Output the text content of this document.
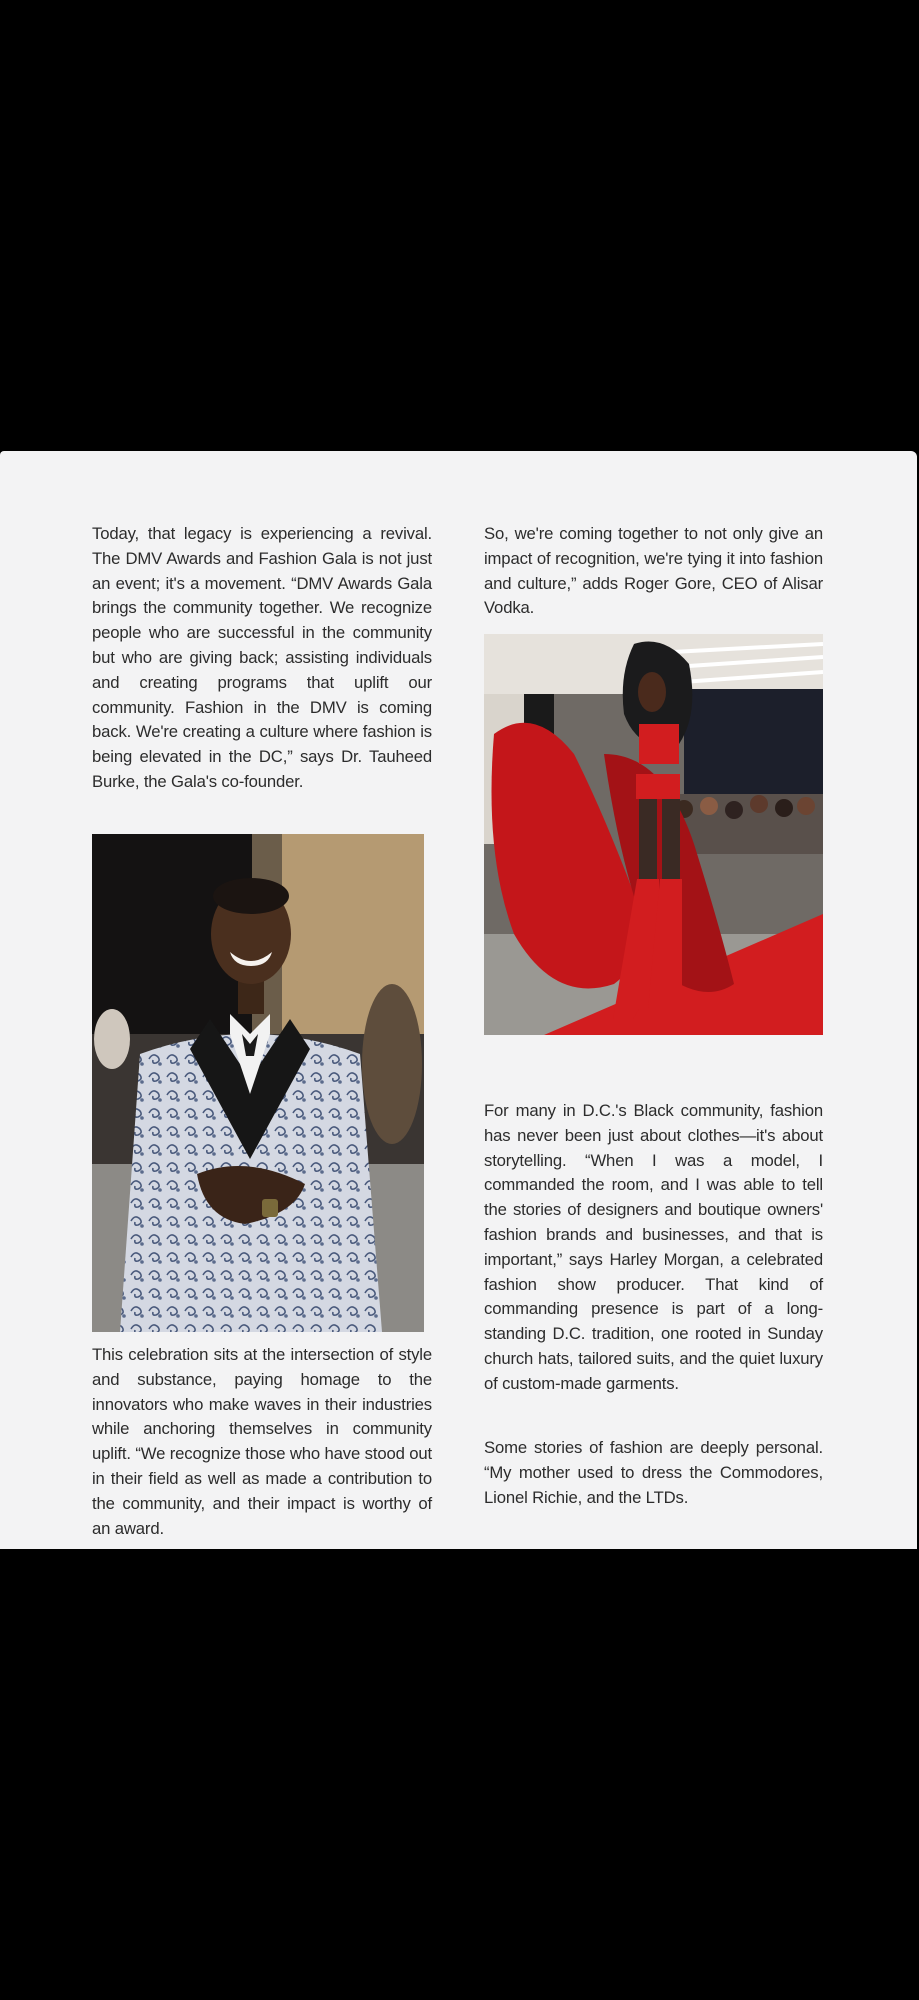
Today, that legacy is experiencing a revival. The DMV Awards and Fashion Gala is not just an event; it's a movement. “DMV Awards Gala brings the community together. We recognize people who are successful in the community but who are giving back; assisting individuals and creating programs that uplift our community. Fashion in the DMV is coming back. We're creating a culture where fashion is being elevated in the DC,” says Dr. Tauheed Burke, the Gala's co-founder.

This celebration sits at the intersection of style and substance, paying homage to the innovators who make waves in their industries while anchoring themselves in community uplift. “We recognize those who have stood out in their field as well as made a contribution to the community, and their impact is worthy of an award.

So, we're coming together to not only give an impact of recognition, we're tying it into fashion and culture,” adds Roger Gore, CEO of Alisar Vodka.

For many in D.C.'s Black community, fashion has never been just about clothes—it's about storytelling. “When I was a model, I commanded the room, and I was able to tell the stories of designers and boutique owners' fashion brands and businesses, and that is important,” says Harley Morgan, a celebrated fashion show producer. That kind of commanding presence is part of a long-standing D.C. tradition, one rooted in Sunday church hats, tailored suits, and the quiet luxury of custom-made garments.

Some stories of fashion are deeply personal. “My mother used to dress the Commodores, Lionel Richie, and the LTDs.
